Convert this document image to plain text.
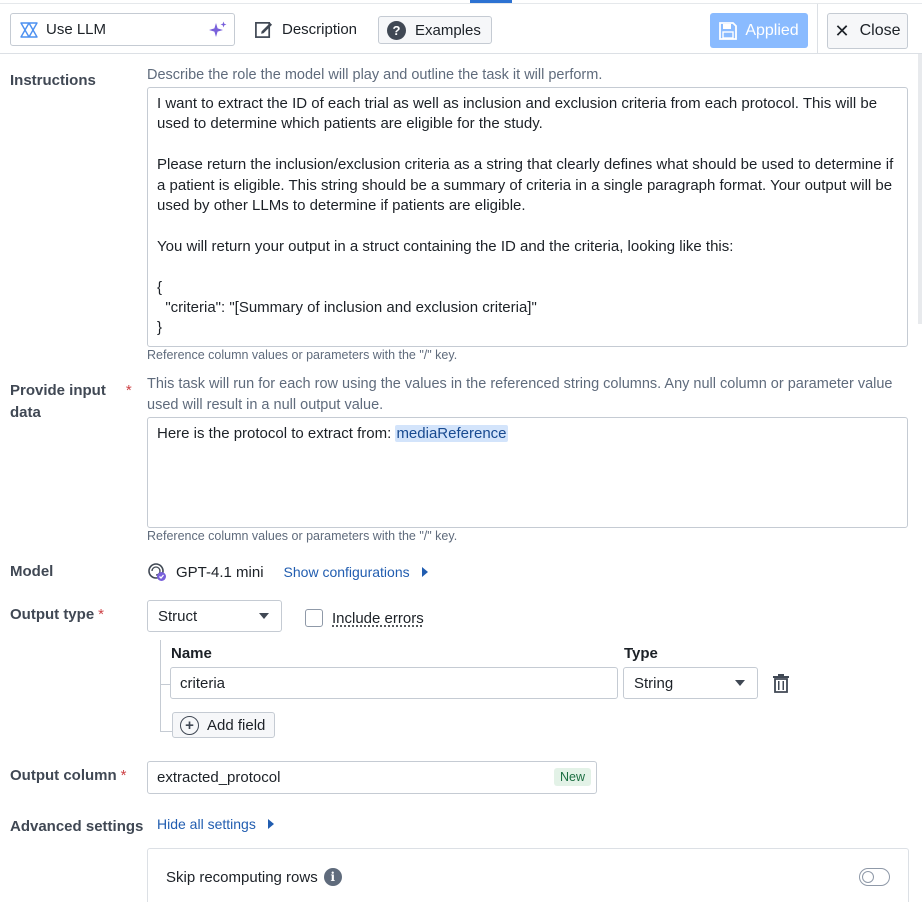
Use LLM	Description	? Examples	Applied ✕ Close
Instructions	Describe the role the model will play and outline the task it will perform.
I want to extract the ID of each trial as well as inclusion and exclusion criteria from each protocol. This will be used to determine which patients are eligible for the study.

Please return the inclusion/exclusion criteria as a string that clearly defines what should be used to determine if a patient is eligible. This string should be a summary of criteria in a single paragraph format. Your output will be used by other LLMs to determine if patients are eligible.

You will return your output in a struct containing the ID and the criteria, looking like this:

{
"criteria": "[Summary of inclusion and exclusion criteria]"
}
Reference column values or parameters with the "/" key.
Provide input *
data
This task will run for each row using the values in the referenced string columns. Any null column or parameter value used will result in a null output value.
Here is the protocol to extract from: mediaReference
Reference column values or parameters with the "/" key.
Model	GPT-4.1 mini Show configurations
Output type *	Struct	Include errors
Name	Type
criteria	String
+ Add field
Output column * extracted_protocol	New
Advanced settings Hide all settings
Skip recomputing rows	i
